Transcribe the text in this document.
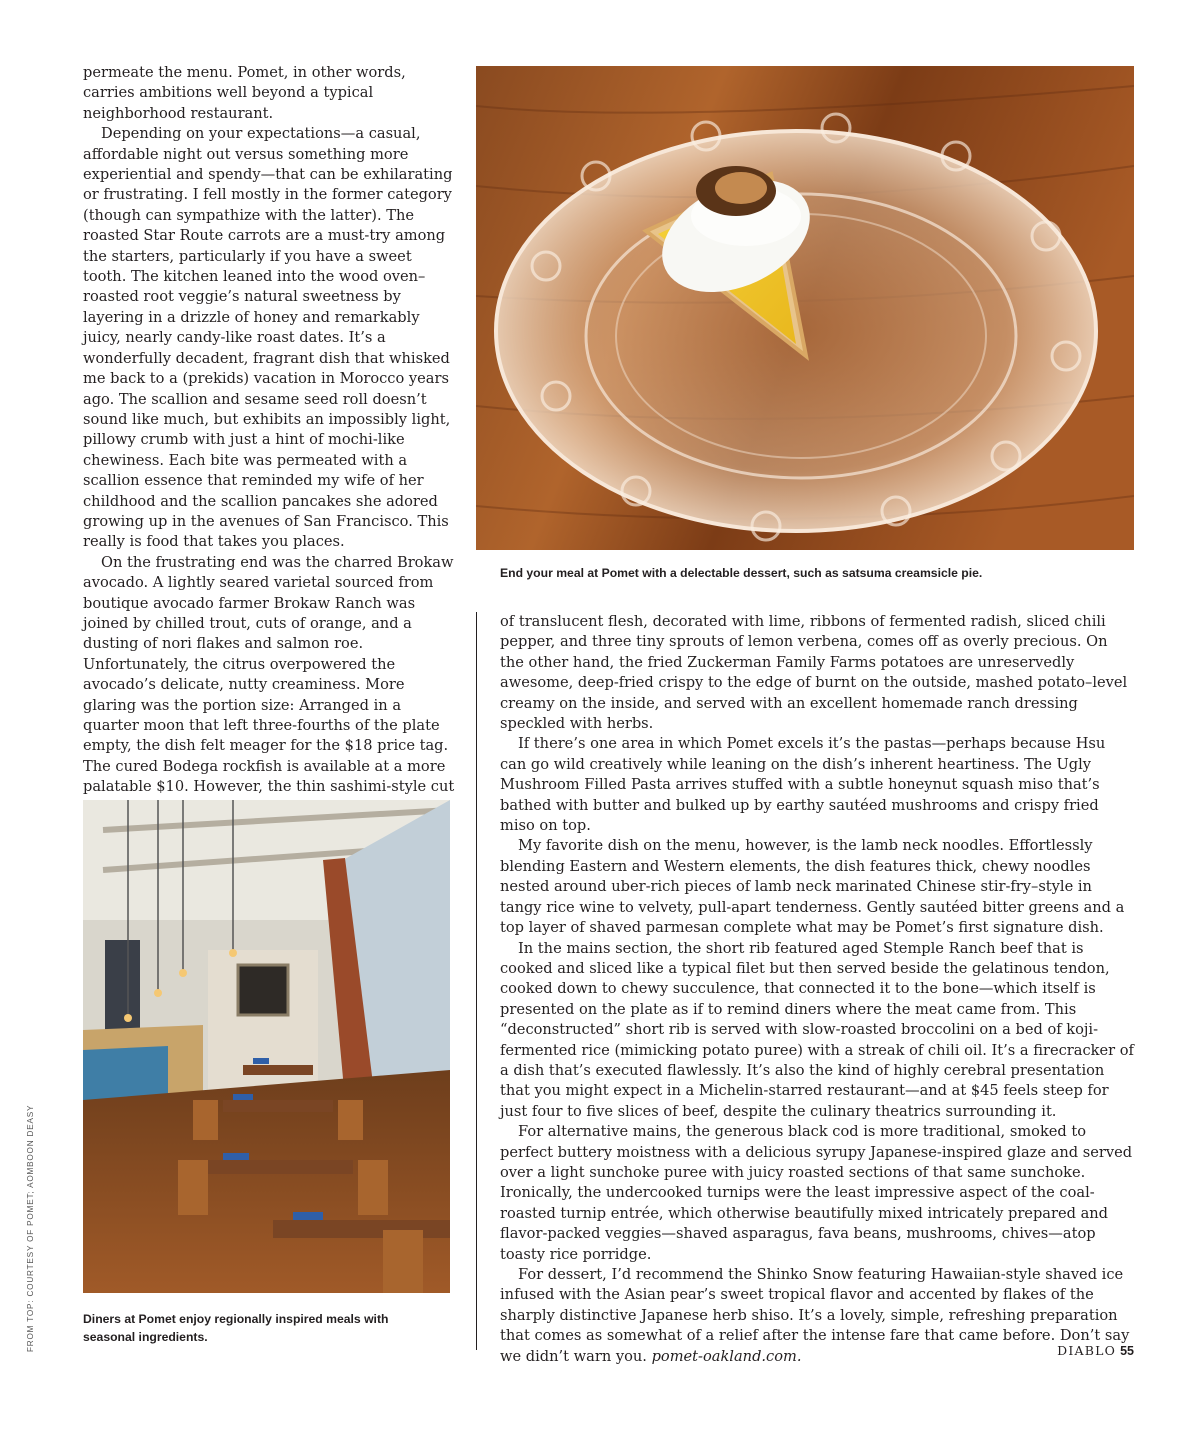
permeate the menu. Pomet, in other words, carries ambitions well beyond a typical neighborhood restaurant.

Depending on your expectations—a casual, affordable night out versus something more experiential and spendy—that can be exhilarating or frustrating. I fell mostly in the former category (though can sympathize with the latter). The roasted Star Route carrots are a must-try among the starters, particularly if you have a sweet tooth. The kitchen leaned into the wood oven–roasted root veggie’s natural sweetness by layering in a drizzle of honey and remarkably juicy, nearly candy-like roast dates. It’s a wonderfully decadent, fragrant dish that whisked me back to a (prekids) vacation in Morocco years ago. The scallion and sesame seed roll doesn’t sound like much, but exhibits an impossibly light, pillowy crumb with just a hint of mochi-like chewiness. Each bite was permeated with a scallion essence that reminded my wife of her childhood and the scallion pancakes she adored growing up in the avenues of San Francisco. This really is food that takes you places.

On the frustrating end was the charred Brokaw avocado. A lightly seared varietal sourced from boutique avocado farmer Brokaw Ranch was joined by chilled trout, cuts of orange, and a dusting of nori flakes and salmon roe. Unfortunately, the citrus overpowered the avocado’s delicate, nutty creaminess. More glaring was the portion size: Arranged in a quarter moon that left three-fourths of the plate empty, the dish felt meager for the $18 price tag. The cured Bodega rockfish is available at a more palatable $10. However, the thin sashimi-style cut

End your meal at Pomet with a delectable dessert, such as satsuma creamsicle pie.

of translucent flesh, decorated with lime, ribbons of fermented radish, sliced chili pepper, and three tiny sprouts of lemon verbena, comes off as overly precious. On the other hand, the fried Zuckerman Family Farms potatoes are unreservedly awesome, deep-fried crispy to the edge of burnt on the outside, mashed potato–level creamy on the inside, and served with an excellent homemade ranch dressing speckled with herbs.

If there’s one area in which Pomet excels it’s the pastas—perhaps because Hsu can go wild creatively while leaning on the dish’s inherent heartiness. The Ugly Mushroom Filled Pasta arrives stuffed with a subtle honeynut squash miso that’s bathed with butter and bulked up by earthy sautéed mushrooms and crispy fried miso on top.

My favorite dish on the menu, however, is the lamb neck noodles. Effortlessly blending Eastern and Western elements, the dish features thick, chewy noodles nested around uber-rich pieces of lamb neck marinated Chinese stir-fry–style in tangy rice wine to velvety, pull-apart tenderness. Gently sautéed bitter greens and a top layer of shaved parmesan complete what may be Pomet’s first signature dish.

In the mains section, the short rib featured aged Stemple Ranch beef that is cooked and sliced like a typical filet but then served beside the gelatinous tendon, cooked down to chewy succulence, that connected it to the bone—which itself is presented on the plate as if to remind diners where the meat came from. This “deconstructed” short rib is served with slow-roasted broccolini on a bed of koji-fermented rice (mimicking potato puree) with a streak of chili oil. It’s a firecracker of a dish that’s executed flawlessly. It’s also the kind of highly cerebral presentation that you might expect in a Michelin-starred restaurant—and at $45 feels steep for just four to five slices of beef, despite the culinary theatrics surrounding it.

For alternative mains, the generous black cod is more traditional, smoked to perfect buttery moistness with a delicious syrupy Japanese-inspired glaze and served over a light sunchoke puree with juicy roasted sections of that same sunchoke. Ironically, the undercooked turnips were the least impressive aspect of the coal-roasted turnip entrée, which otherwise beautifully mixed intricately prepared and flavor-packed veggies—shaved asparagus, fava beans, mushrooms, chives—atop toasty rice porridge.

For dessert, I’d recommend the Shinko Snow featuring Hawaiian-style shaved ice infused with the Asian pear’s sweet tropical flavor and accented by flakes of the sharply distinctive Japanese herb shiso. It’s a lovely, simple, refreshing preparation that comes as somewhat of a relief after the intense fare that came before. Don’t say we didn’t warn you. pomet-oakland.com.

Diners at Pomet enjoy regionally inspired meals with seasonal ingredients.
FROM TOP: COURTESY OF POMET; AOMBOON DEASY	DIABLO 55
